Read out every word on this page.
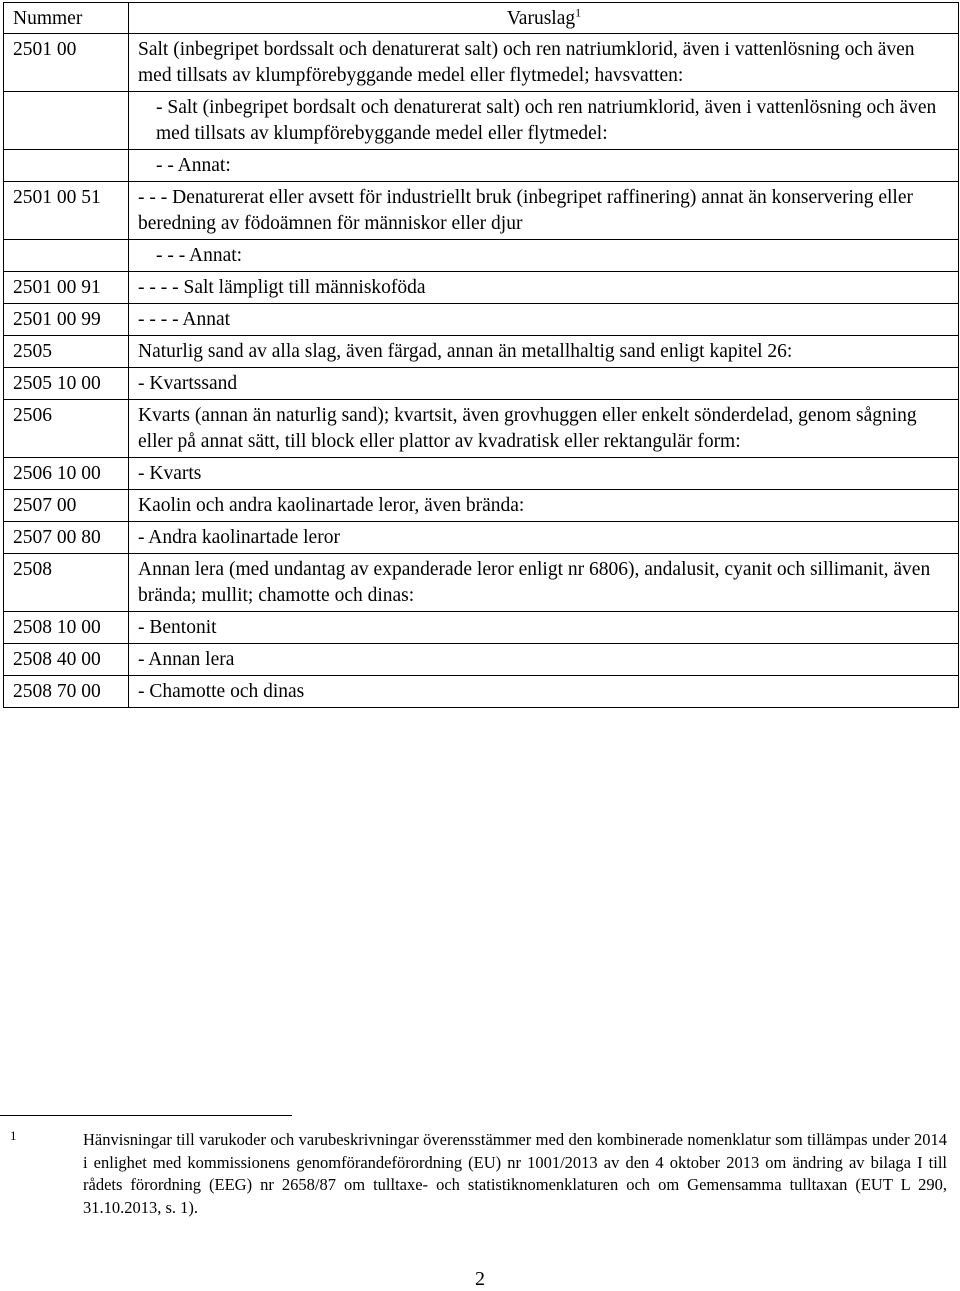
Nummer	Varuslag$^1$
2501 00	Salt (inbegripet bordssalt och denaturerat salt) och ren natriumklorid, även i vattenlösning och även med tillsats av klumpförebyggande medel eller flytmedel; havsvatten:
	- Salt (inbegripet bordsalt och denaturerat salt) och ren natriumklorid, även i vattenlösning och även med tillsats av klumpförebyggande medel eller flytmedel:
	- - Annat:
2501 00 51	- - - Denaturerat eller avsett för industriellt bruk (inbegripet raffinering) annat än konservering eller beredning av födoämnen för människor eller djur
	- - - Annat:
2501 00 91	- - - - Salt lämpligt till människoföda
2501 00 99	- - - - Annat
2505	Naturlig sand av alla slag, även färgad, annan än metallhaltig sand enligt kapitel 26:
2505 10 00	- Kvartssand
2506	Kvarts (annan än naturlig sand); kvartsit, även grovhuggen eller enkelt sönderdelad, genom sågning eller på annat sätt, till block eller plattor av kvadratisk eller rektangulär form:
2506 10 00	- Kvarts
2507 00	Kaolin och andra kaolinartade leror, även brända:
2507 00 80	- Andra kaolinartade leror
2508	Annan lera (med undantag av expanderade leror enligt nr 6806), andalusit, cyanit och sillimanit, även brända; mullit; chamotte och dinas:
2508 10 00	- Bentonit
2508 40 00	- Annan lera
2508 70 00	- Chamotte och dinas
1	Hänvisningar till varukoder och varubeskrivningar överensstämmer med den kombinerade nomenklatur som tillämpas under 2014 i enlighet med kommissionens genomförandeförordning (EU) nr 1001/2013 av den 4 oktober 2013 om ändring av bilaga I till rådets förordning (EEG) nr 2658/87 om tulltaxe- och statistiknomenklaturen och om Gemensamma tulltaxan (EUT L 290, 31.10.2013, s. 1).
2
